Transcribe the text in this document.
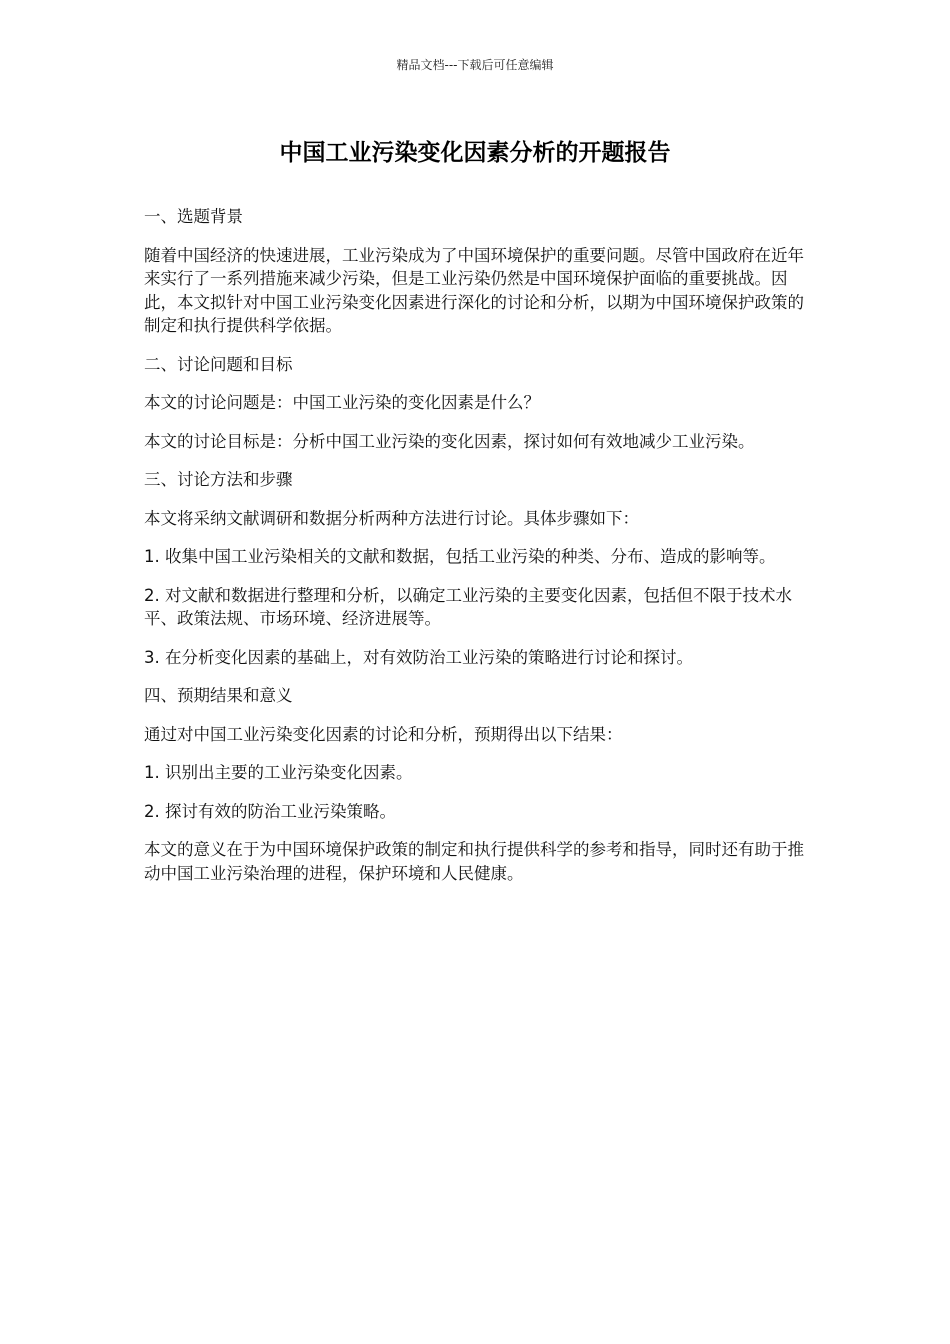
精品文档---下载后可任意编辑
中国工业污染变化因素分析的开题报告

一、选题背景

随着中国经济的快速进展，工业污染成为了中国环境保护的重要问题。尽管中国政府在近年来实行了一系列措施来减少污染，但是工业污染仍然是中国环境保护面临的重要挑战。因此，本文拟针对中国工业污染变化因素进行深化的讨论和分析，以期为中国环境保护政策的制定和执行提供科学依据。

二、讨论问题和目标

本文的讨论问题是：中国工业污染的变化因素是什么？

本文的讨论目标是：分析中国工业污染的变化因素，探讨如何有效地减少工业污染。

三、讨论方法和步骤

本文将采纳文献调研和数据分析两种方法进行讨论。具体步骤如下：

1. 收集中国工业污染相关的文献和数据，包括工业污染的种类、分布、造成的影响等。

2. 对文献和数据进行整理和分析，以确定工业污染的主要变化因素，包括但不限于技术水平、政策法规、市场环境、经济进展等。

3. 在分析变化因素的基础上，对有效防治工业污染的策略进行讨论和探讨。

四、预期结果和意义

通过对中国工业污染变化因素的讨论和分析，预期得出以下结果：

1. 识别出主要的工业污染变化因素。

2. 探讨有效的防治工业污染策略。

本文的意义在于为中国环境保护政策的制定和执行提供科学的参考和指导，同时还有助于推动中国工业污染治理的进程，保护环境和人民健康。
